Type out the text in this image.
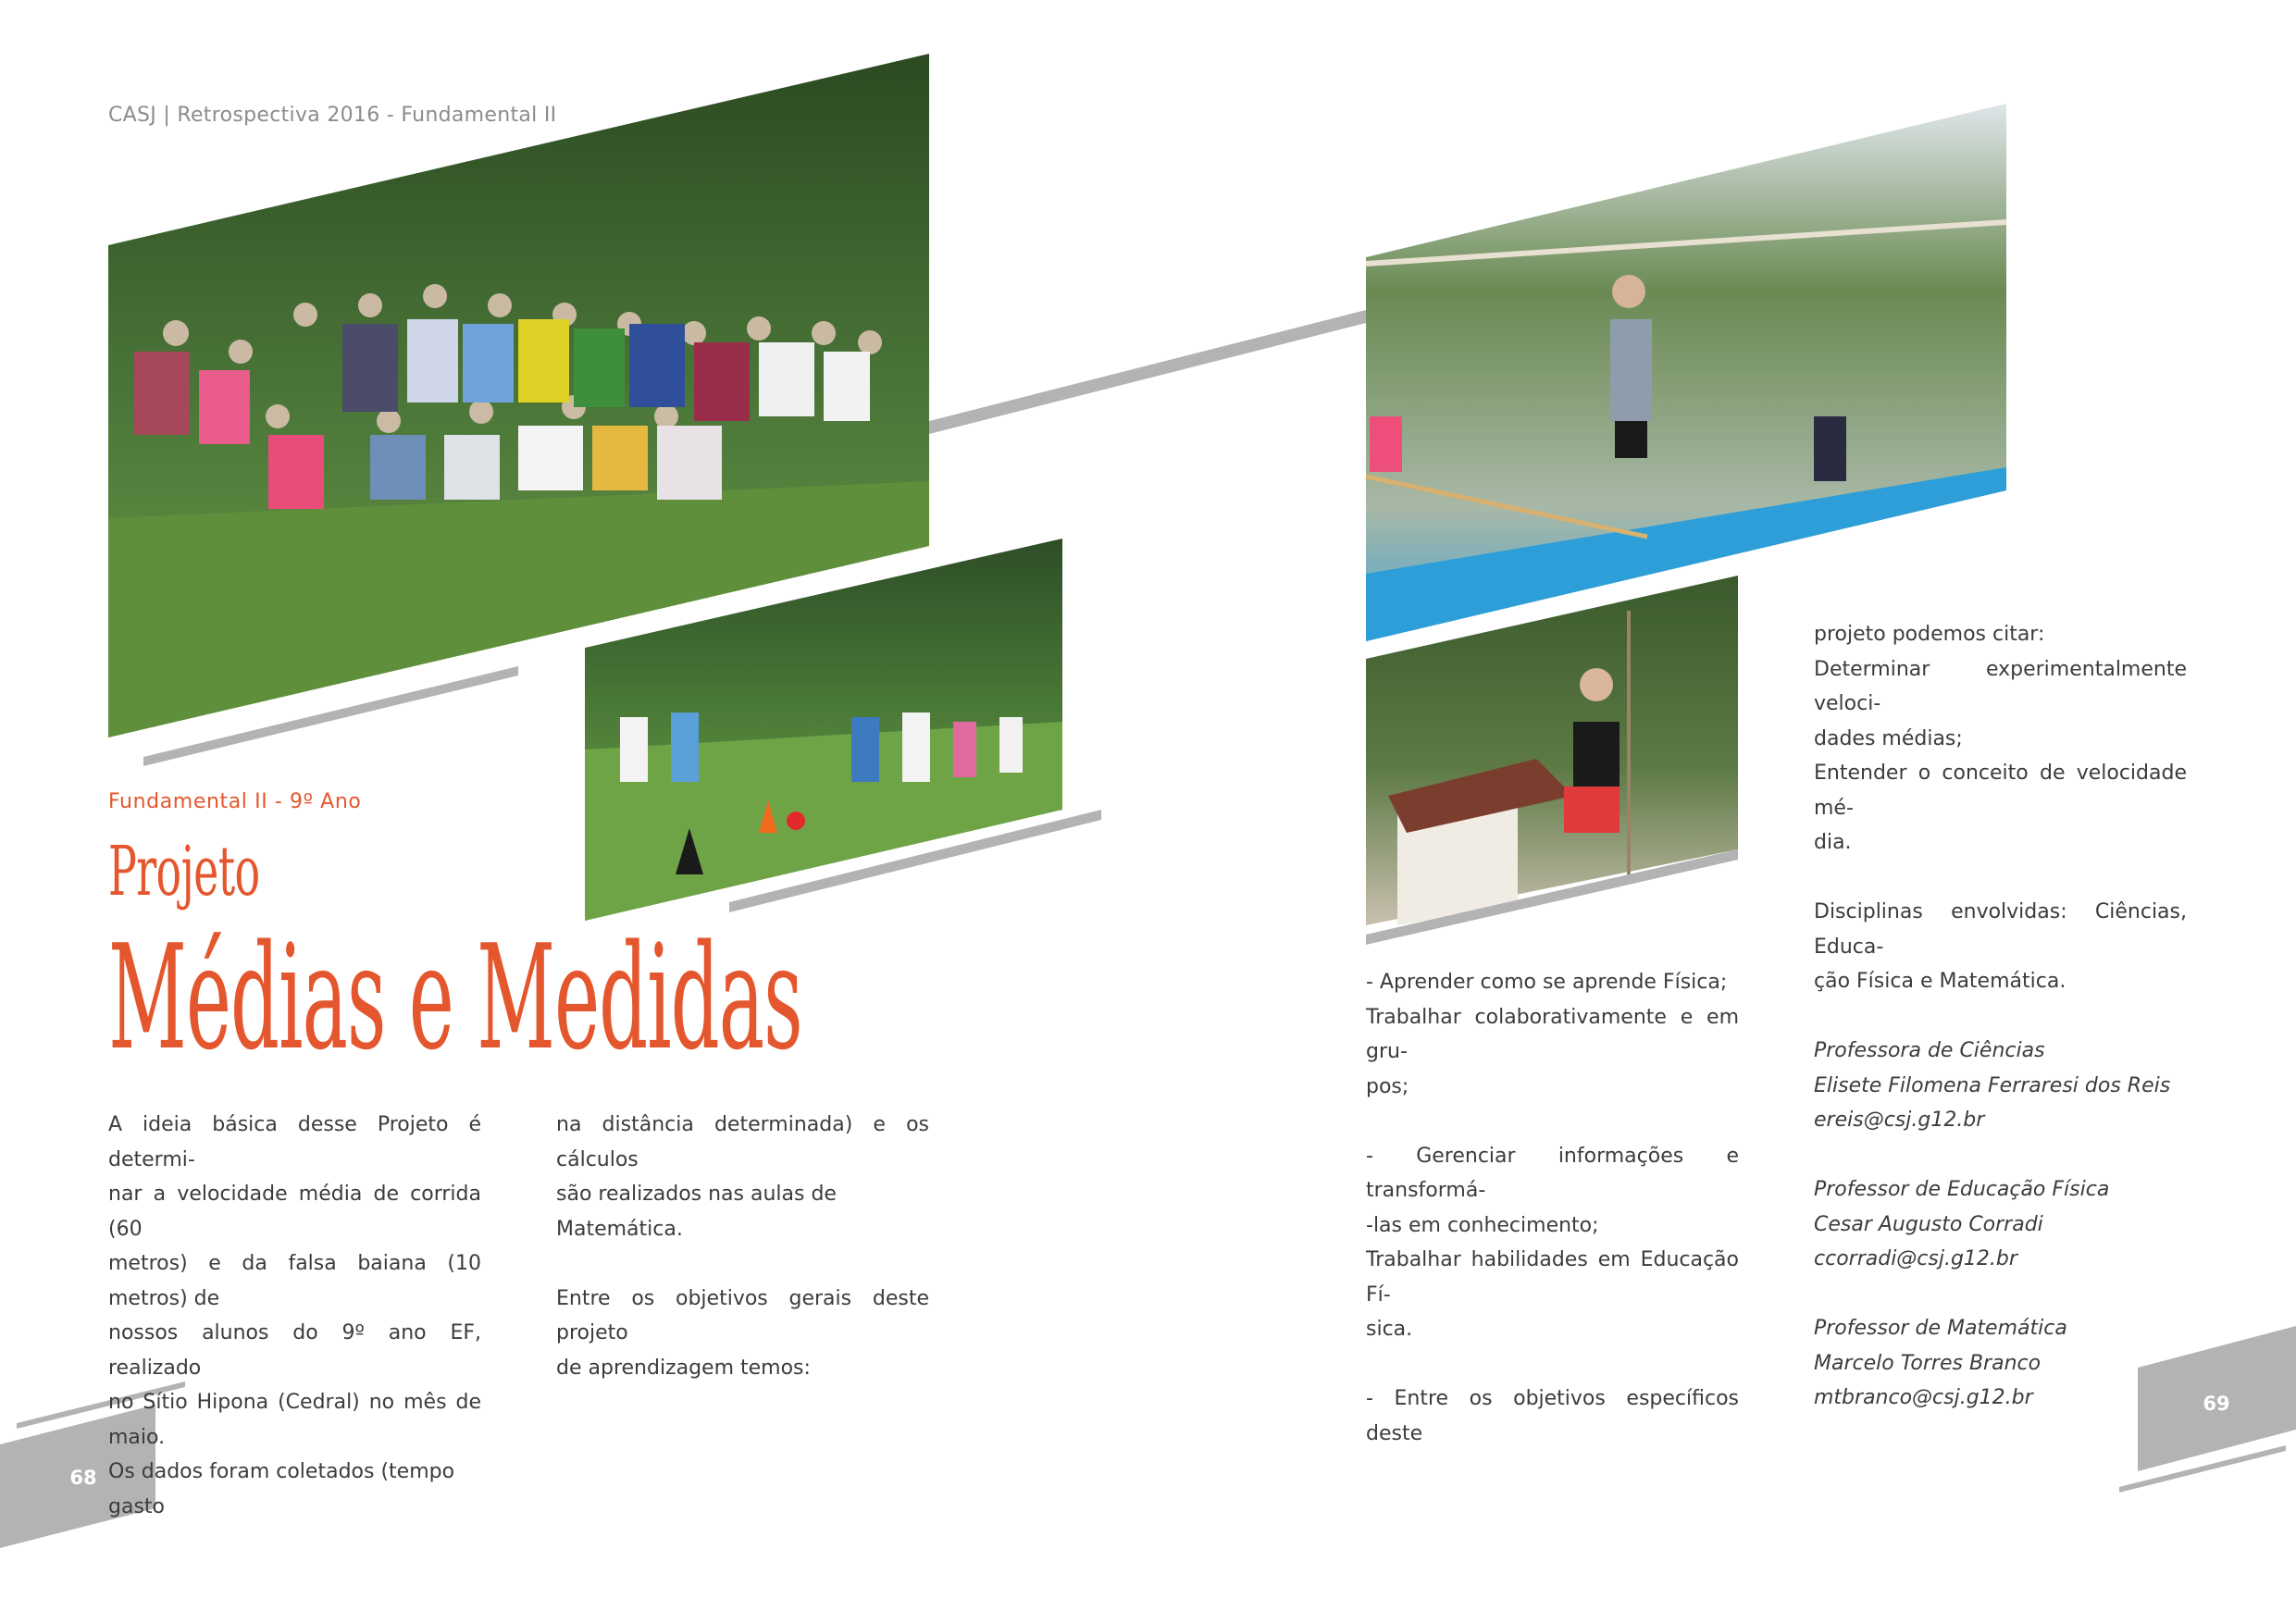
CASJ | Retrospectiva 2016 - Fundamental II
Fundamental II - 9º Ano
Projeto
Médias e Medidas

A ideia básica desse Projeto é determi-

nar a velocidade média de corrida (60

metros) e da falsa baiana (10 metros) de

nossos alunos do 9º ano EF, realizado

no Sítio Hipona (Cedral) no mês de maio.

Os dados foram coletados (tempo gasto

na distância determinada) e os cálculos

são realizados nas aulas de Matemática.

Entre os objetivos gerais deste projeto

de aprendizagem temos:

- Aprender como se aprende Física;

Trabalhar colaborativamente e em gru-

pos;

- Gerenciar informações e transformá-

-las em conhecimento;

Trabalhar habilidades em Educação Fí-

sica.

- Entre os objetivos específicos deste

projeto podemos citar:

Determinar experimentalmente veloci-

dades médias;

Entender o conceito de velocidade mé-

dia.

Disciplinas envolvidas: Ciências, Educa-

ção Física e Matemática.

Professora de Ciências

Elisete Filomena Ferraresi dos Reis

ereis@csj.g12.br

Professor de Educação Física

Cesar Augusto Corradi

ccorradi@csj.g12.br

Professor de Matemática

Marcelo Torres Branco

mtbranco@csj.g12.br

68
69
